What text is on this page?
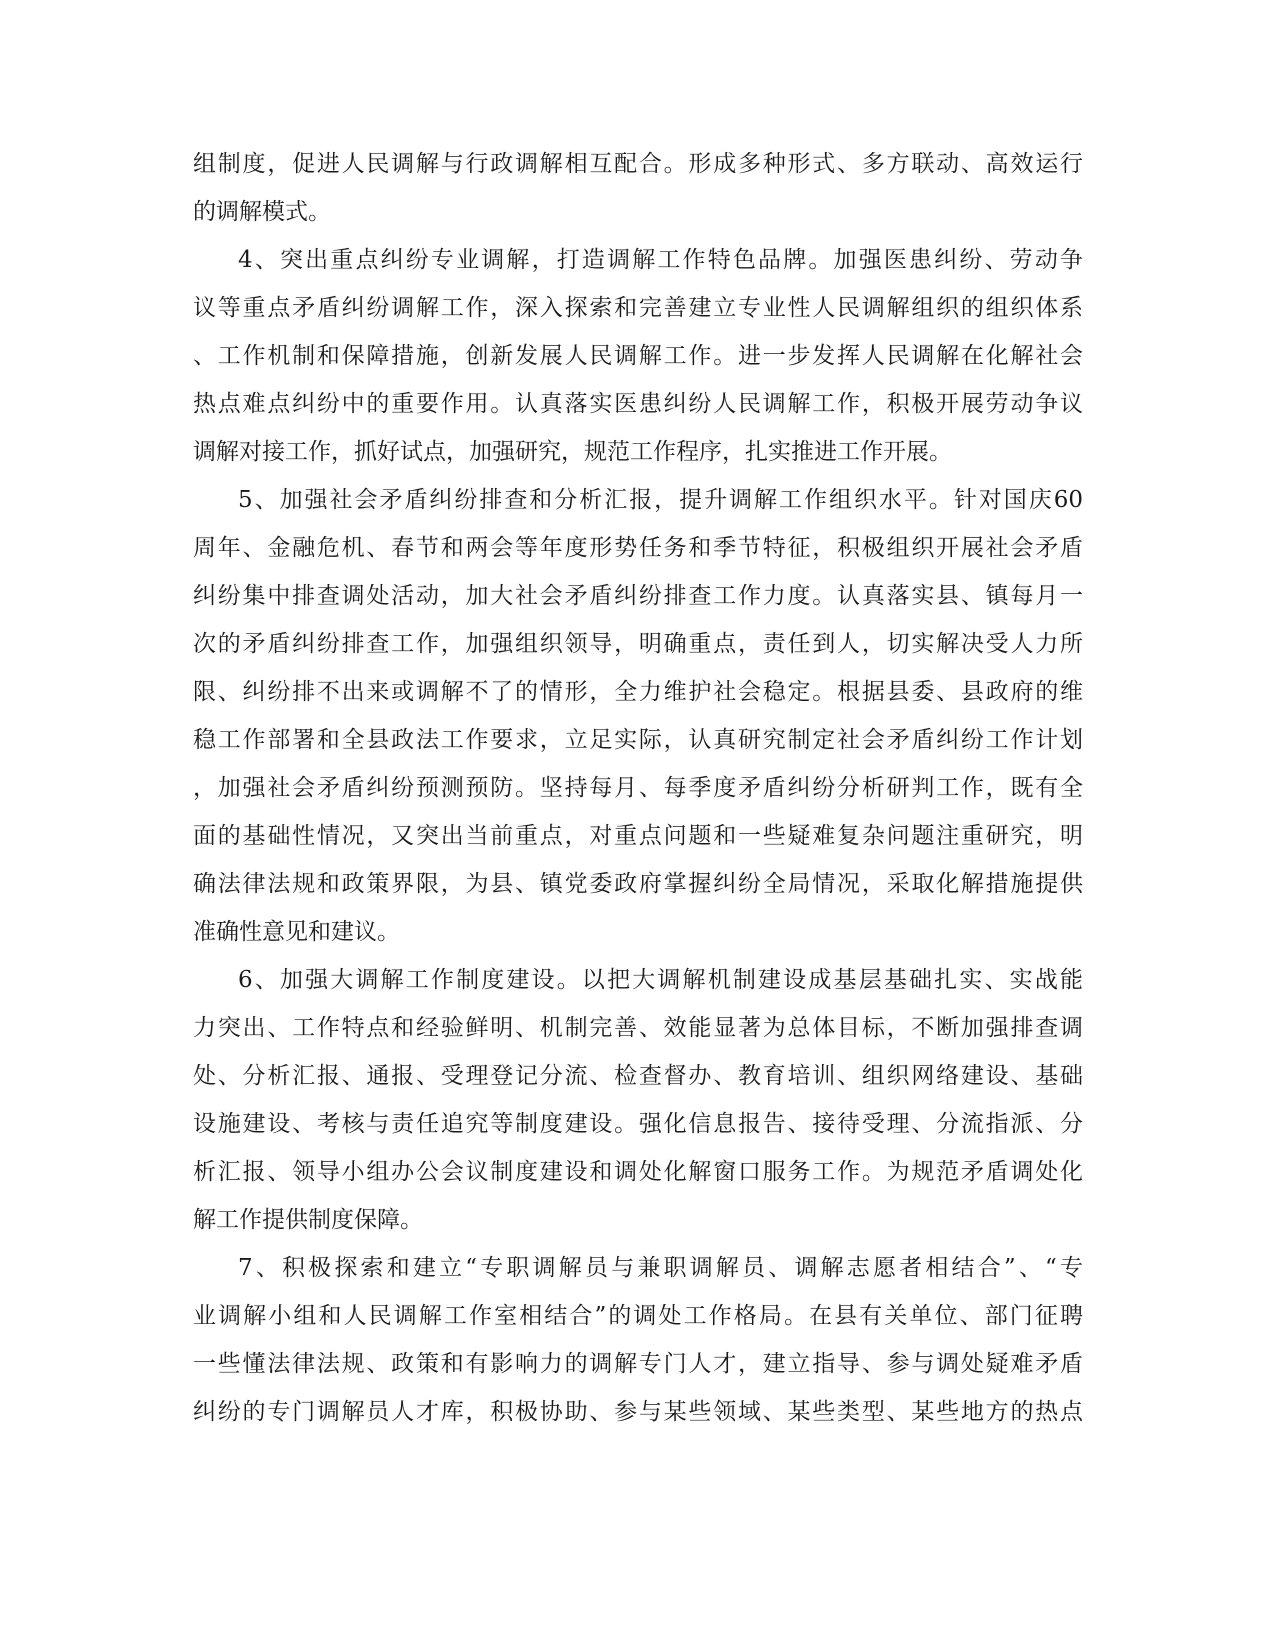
组制度，促进人民调解与行政调解相互配合。形成多种形式、多方联动、高效运行
的调解模式。
4、突出重点纠纷专业调解，打造调解工作特色品牌。加强医患纠纷、劳动争
议等重点矛盾纠纷调解工作，深入探索和完善建立专业性人民调解组织的组织体系
、工作机制和保障措施，创新发展人民调解工作。进一步发挥人民调解在化解社会
热点难点纠纷中的重要作用。认真落实医患纠纷人民调解工作，积极开展劳动争议
调解对接工作，抓好试点，加强研究，规范工作程序，扎实推进工作开展。
5、加强社会矛盾纠纷排查和分析汇报，提升调解工作组织水平。针对国庆60
周年、金融危机、春节和两会等年度形势任务和季节特征，积极组织开展社会矛盾
纠纷集中排查调处活动，加大社会矛盾纠纷排查工作力度。认真落实县、镇每月一
次的矛盾纠纷排查工作，加强组织领导，明确重点，责任到人，切实解决受人力所
限、纠纷排不出来或调解不了的情形，全力维护社会稳定。根据县委、县政府的维
稳工作部署和全县政法工作要求，立足实际，认真研究制定社会矛盾纠纷工作计划
，加强社会矛盾纠纷预测预防。坚持每月、每季度矛盾纠纷分析研判工作，既有全
面的基础性情况，又突出当前重点，对重点问题和一些疑难复杂问题注重研究，明
确法律法规和政策界限，为县、镇党委政府掌握纠纷全局情况，采取化解措施提供
准确性意见和建议。
6、加强大调解工作制度建设。以把大调解机制建设成基层基础扎实、实战能
力突出、工作特点和经验鲜明、机制完善、效能显著为总体目标，不断加强排查调
处、分析汇报、通报、受理登记分流、检查督办、教育培训、组织网络建设、基础
设施建设、考核与责任追究等制度建设。强化信息报告、接待受理、分流指派、分
析汇报、领导小组办公会议制度建设和调处化解窗口服务工作。为规范矛盾调处化
解工作提供制度保障。
7、积极探索和建立“专职调解员与兼职调解员、调解志愿者相结合”、“专
业调解小组和人民调解工作室相结合”的调处工作格局。在县有关单位、部门征聘
一些懂法律法规、政策和有影响力的调解专门人才，建立指导、参与调处疑难矛盾
纠纷的专门调解员人才库，积极协助、参与某些领域、某些类型、某些地方的热点
